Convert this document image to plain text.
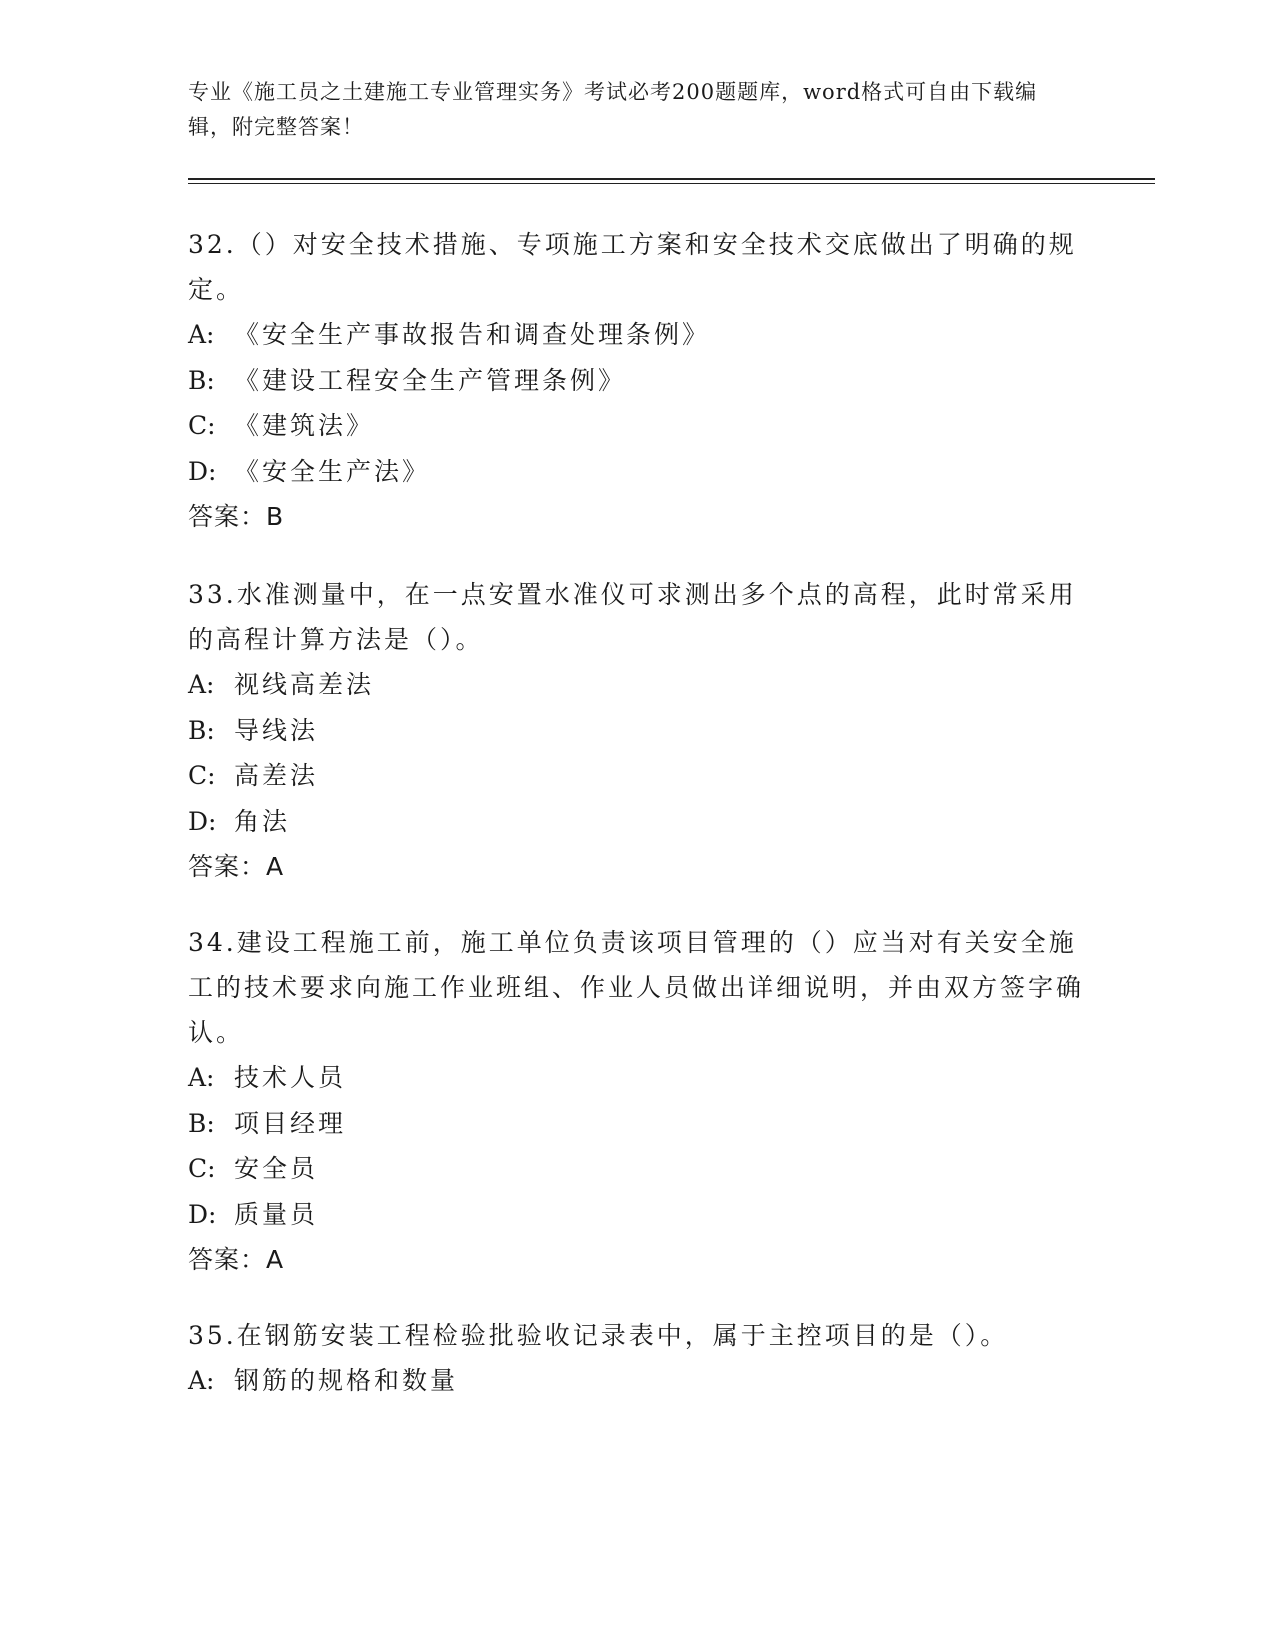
专业《施工员之土建施工专业管理实务》考试必考200题题库，word格式可自由下载编辑，附完整答案！

32.（）对安全技术措施、专项施工方案和安全技术交底做出了明确的规定。

A: 《安全生产事故报告和调查处理条例》
B: 《建设工程安全生产管理条例》
C: 《建筑法》
D: 《安全生产法》
答案：B

33.水准测量中，在一点安置水准仪可求测出多个点的高程，此时常采用的高程计算方法是（）。

A: 视线高差法
B: 导线法
C: 高差法
D: 角法
答案：A

34.建设工程施工前，施工单位负责该项目管理的（）应当对有关安全施工的技术要求向施工作业班组、作业人员做出详细说明，并由双方签字确认。

A: 技术人员
B: 项目经理
C: 安全员
D: 质量员
答案：A

35.在钢筋安装工程检验批验收记录表中，属于主控项目的是（）。

A: 钢筋的规格和数量
